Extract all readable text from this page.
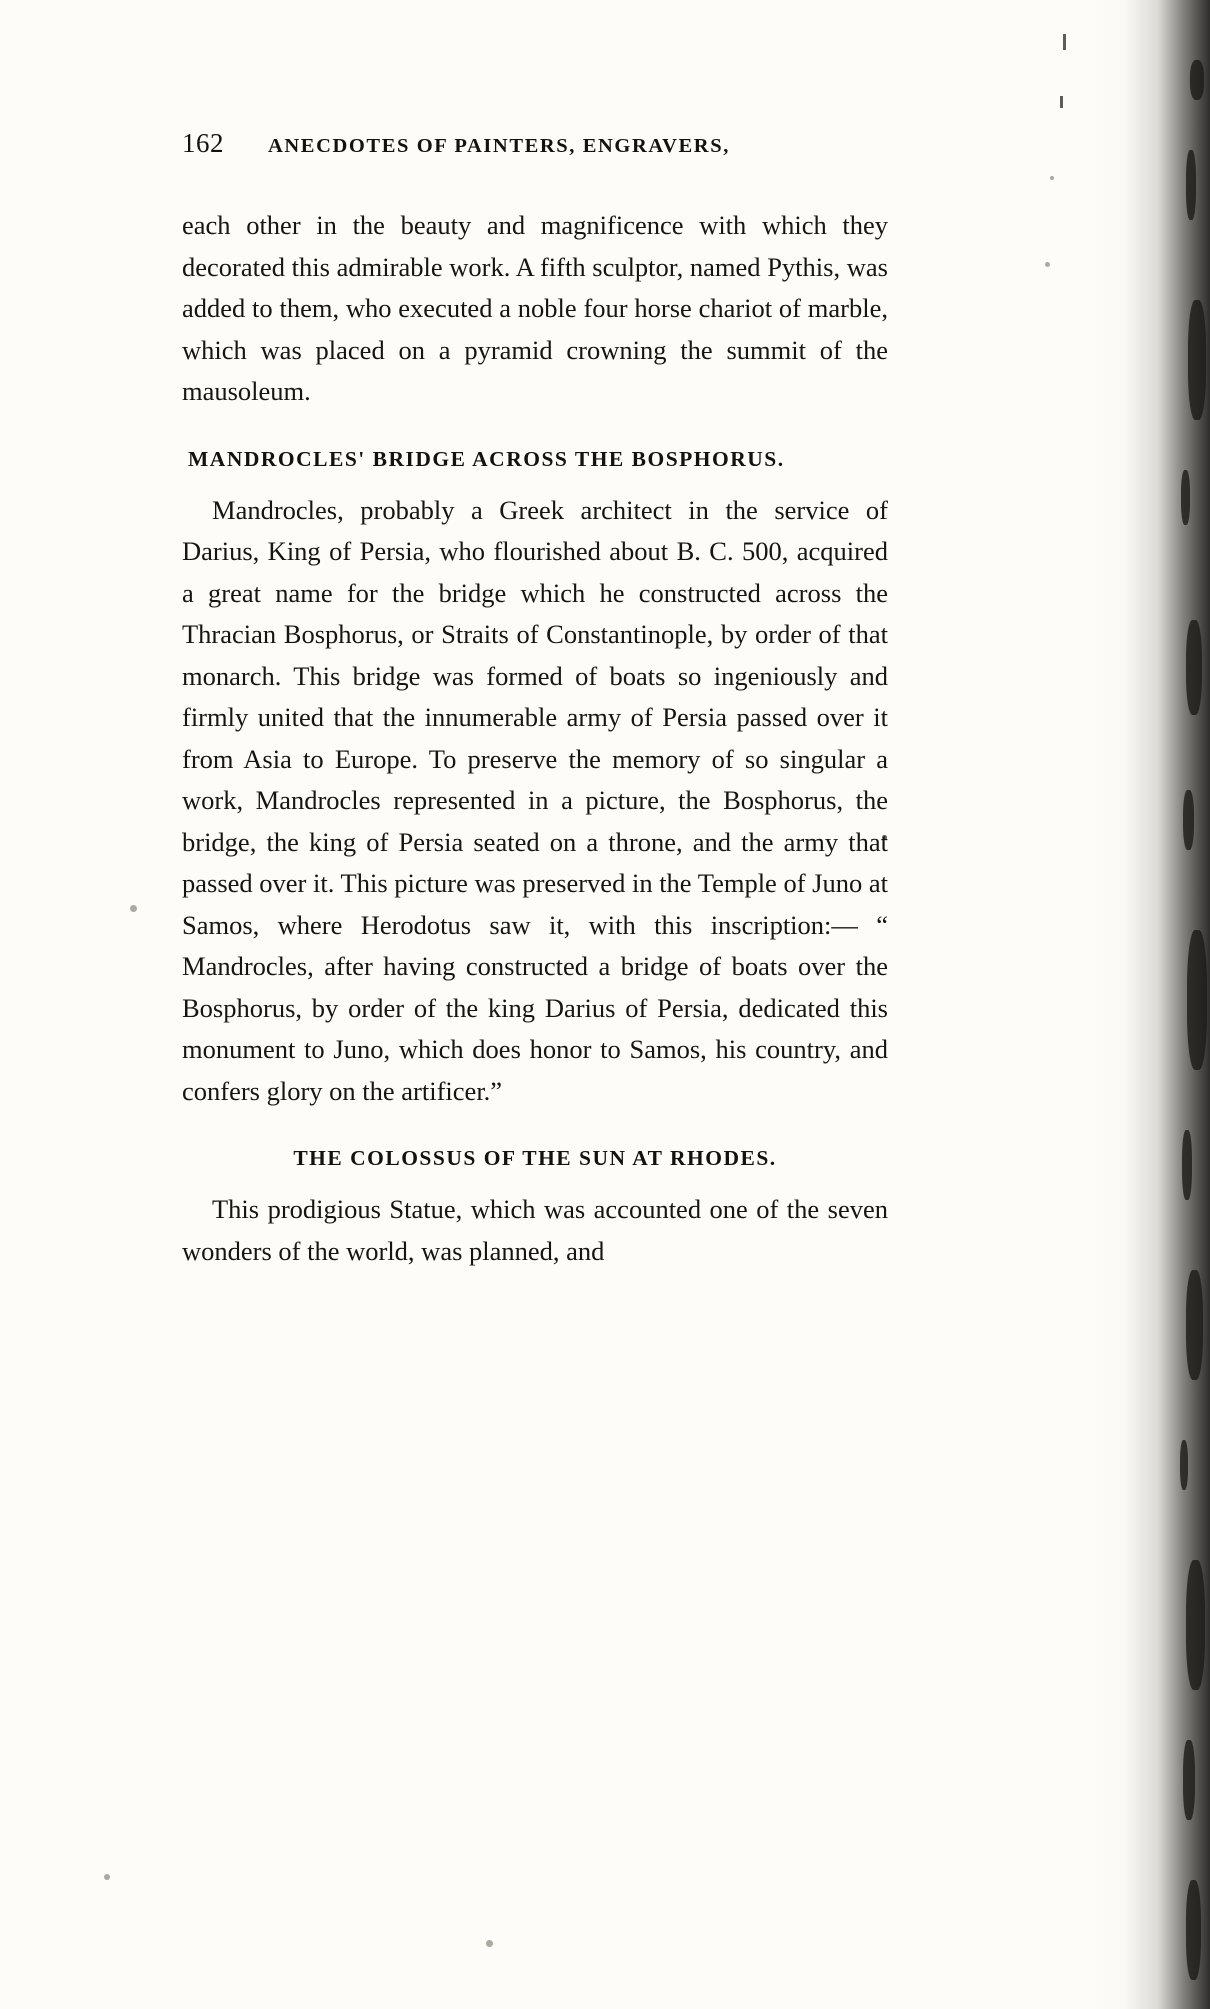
162	ANECDOTES OF PAINTERS, ENGRAVERS,

each other in the beauty and magnificence with which they decorated this admirable work. A fifth sculptor, named Pythis, was added to them, who executed a noble four horse chariot of marble, which was placed on a pyramid crowning the summit of the mausoleum.

MANDROCLES' BRIDGE ACROSS THE BOSPHORUS.

Mandrocles, probably a Greek architect in the service of Darius, King of Persia, who flourished about B. C. 500, acquired a great name for the bridge which he constructed across the Thracian Bosphorus, or Straits of Constantinople, by order of that monarch. This bridge was formed of boats so ingeniously and firmly united that the innumerable army of Persia passed over it from Asia to Europe. To preserve the memory of so singular a work, Mandrocles represented in a picture, the Bosphorus, the bridge, the king of Persia seated on a throne, and the army that passed over it. This picture was preserved in the Temple of Juno at Samos, where Herodotus saw it, with this inscription:— “ Mandrocles, after having constructed a bridge of boats over the Bosphorus, by order of the king Darius of Persia, dedicated this monument to Juno, which does honor to Samos, his country, and confers glory on the artificer.”

THE COLOSSUS OF THE SUN AT RHODES.

This prodigious Statue, which was accounted one of the seven wonders of the world, was planned, and
